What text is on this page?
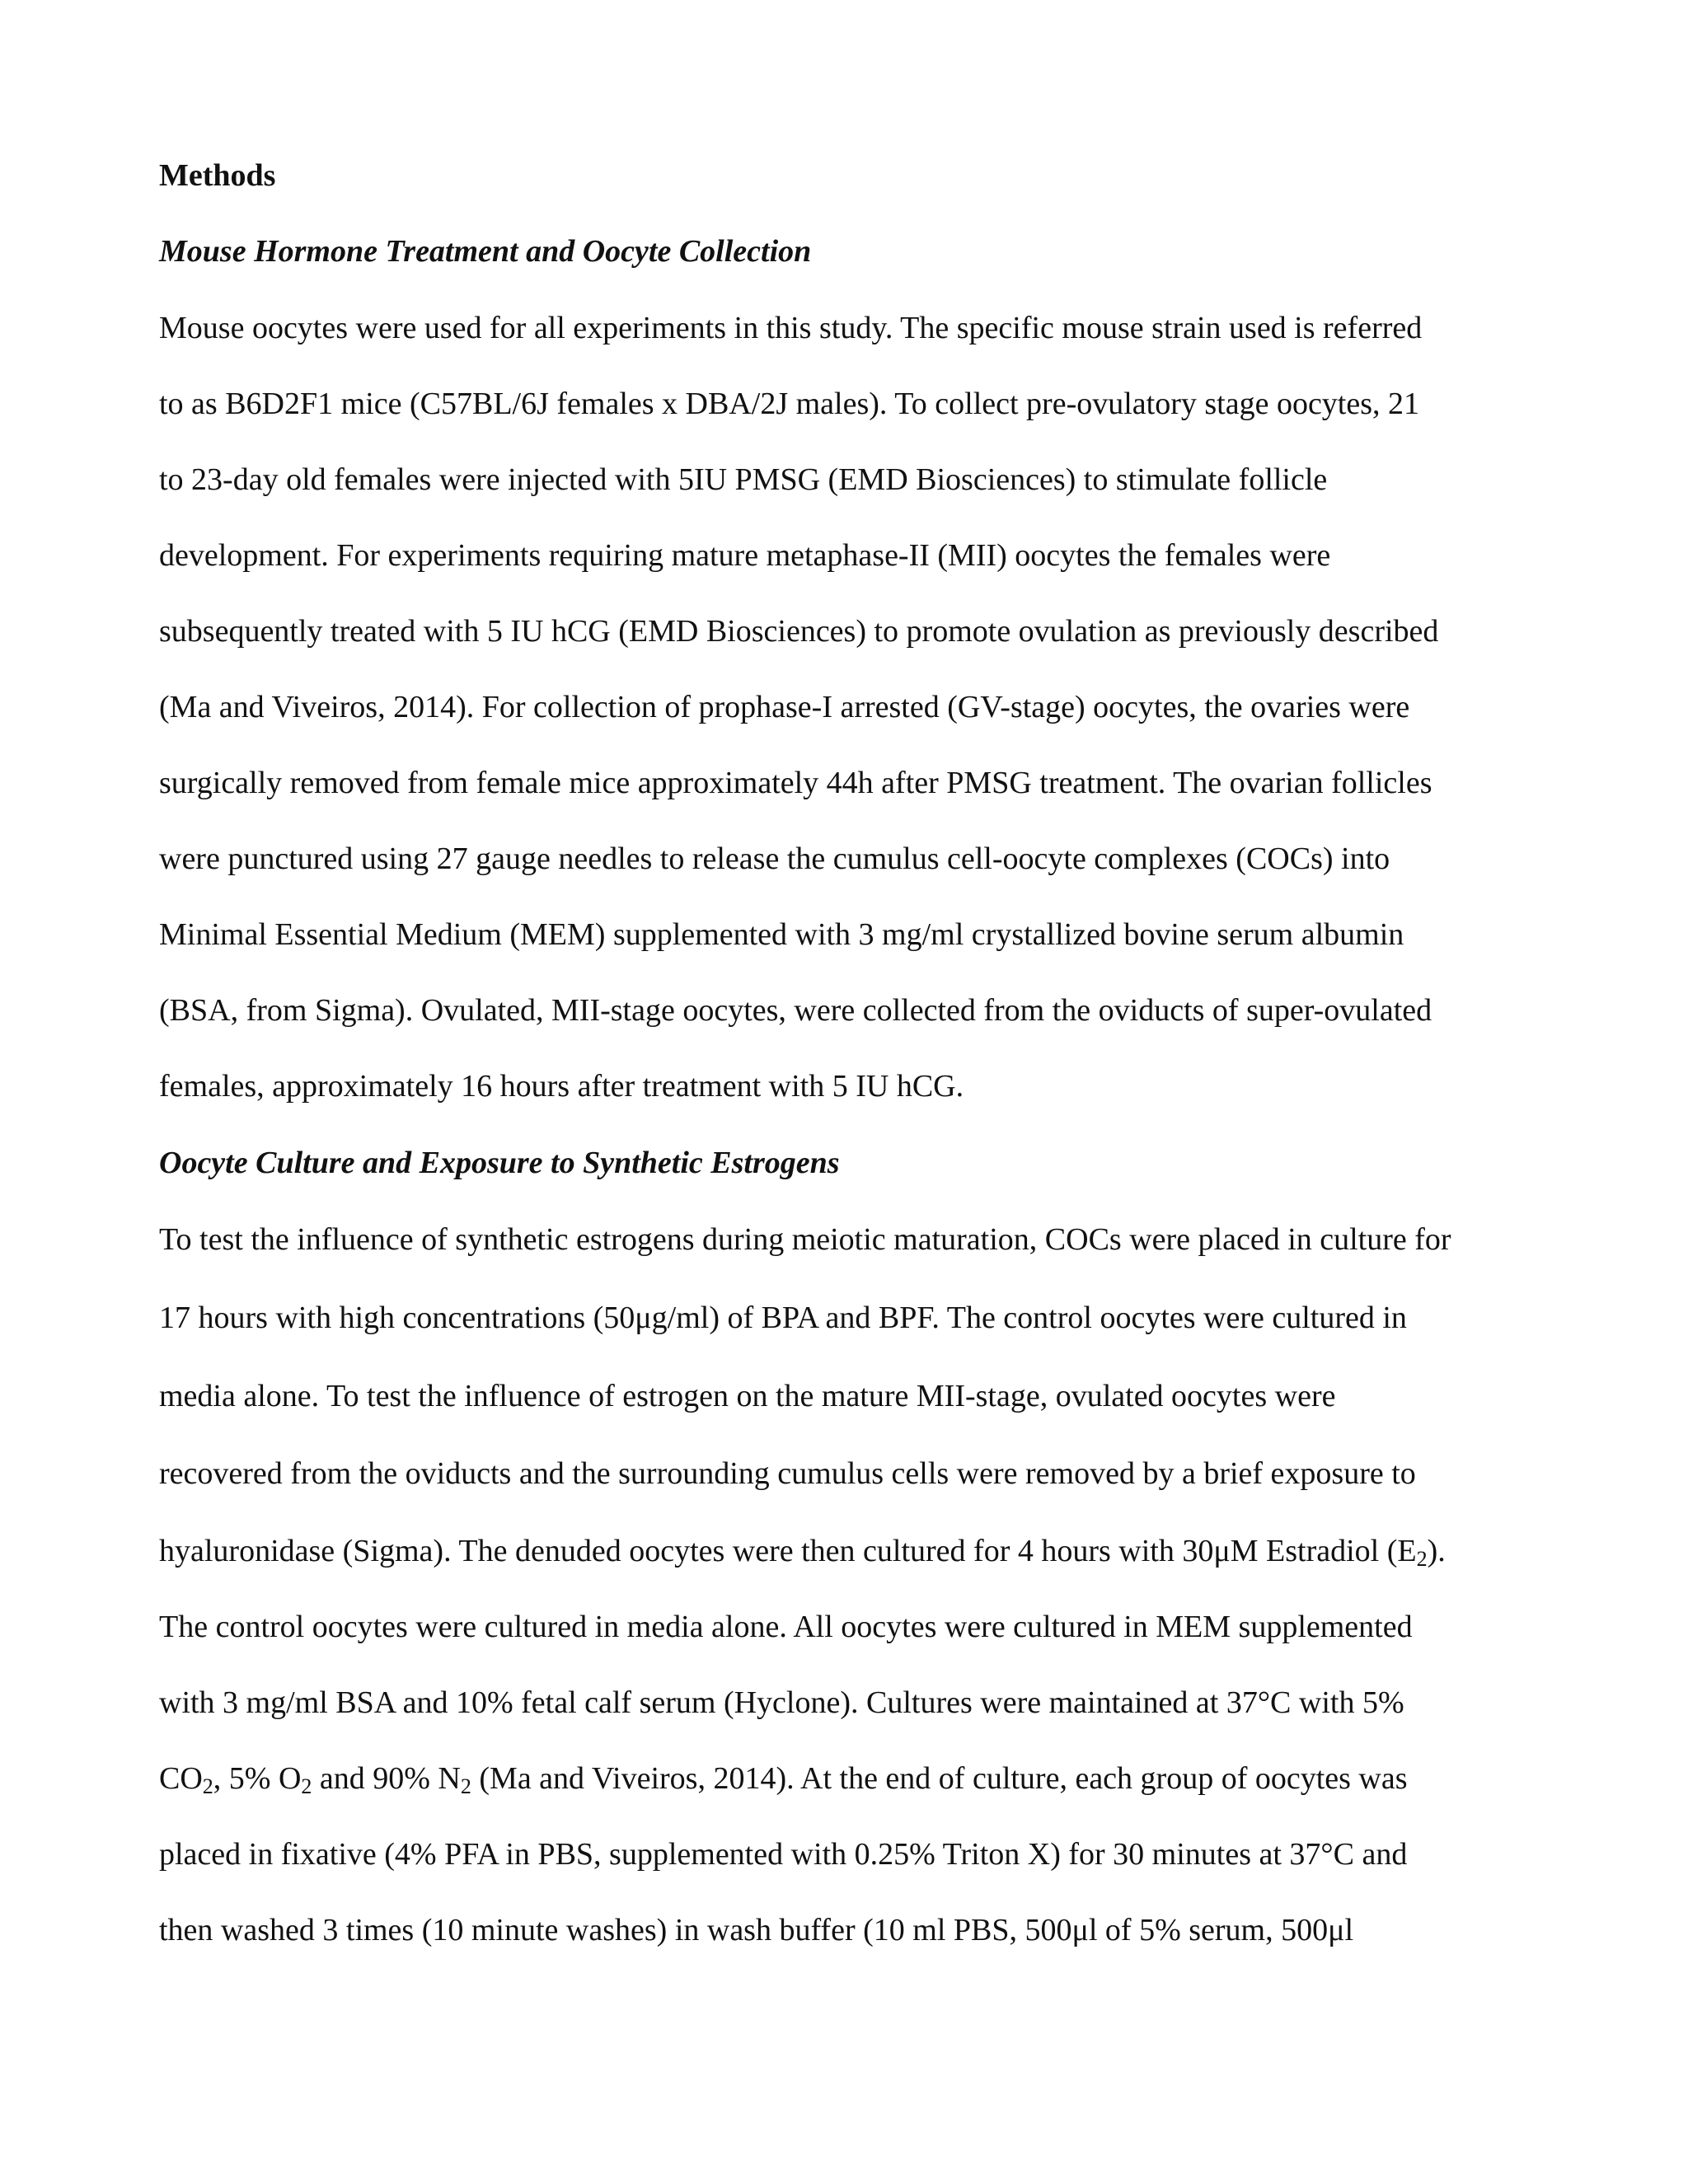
Methods

Mouse Hormone Treatment and Oocyte Collection

Mouse oocytes were used for all experiments in this study. The specific mouse strain used is referred

to as B6D2F1 mice (C57BL/6J females x DBA/2J males). To collect pre-ovulatory stage oocytes, 21

to 23-day old females were injected with 5IU PMSG (EMD Biosciences) to stimulate follicle

development. For experiments requiring mature metaphase-II (MII) oocytes the females were

subsequently treated with 5 IU hCG (EMD Biosciences) to promote ovulation as previously described

(Ma and Viveiros, 2014). For collection of prophase-I arrested (GV-stage) oocytes, the ovaries were

surgically removed from female mice approximately 44h after PMSG treatment. The ovarian follicles

were punctured using 27 gauge needles to release the cumulus cell-oocyte complexes (COCs) into

Minimal Essential Medium (MEM) supplemented with 3 mg/ml crystallized bovine serum albumin

(BSA, from Sigma). Ovulated, MII-stage oocytes, were collected from the oviducts of super-ovulated

females, approximately 16 hours after treatment with 5 IU hCG.

Oocyte Culture and Exposure to Synthetic Estrogens

To test the influence of synthetic estrogens during meiotic maturation, COCs were placed in culture for

17 hours with high concentrations (50μg/ml) of BPA and BPF. The control oocytes were cultured in

media alone. To test the influence of estrogen on the mature MII-stage, ovulated oocytes were

recovered from the oviducts and the surrounding cumulus cells were removed by a brief exposure to

hyaluronidase (Sigma). The denuded oocytes were then cultured for 4 hours with 30μM Estradiol $(E_2)$.

The control oocytes were cultured in media alone. All oocytes were cultured in MEM supplemented

with 3 mg/ml BSA and 10% fetal calf serum (Hyclone). Cultures were maintained at 37°C with 5%

$CO_2$, 5% $O_2$ and 90% $N_2$ (Ma and Viveiros, 2014). At the end of culture, each group of oocytes was

placed in fixative (4% PFA in PBS, supplemented with 0.25% Triton X) for 30 minutes at 37°C and

then washed 3 times (10 minute washes) in wash buffer (10 ml PBS, 500μl of 5% serum, 500μl
